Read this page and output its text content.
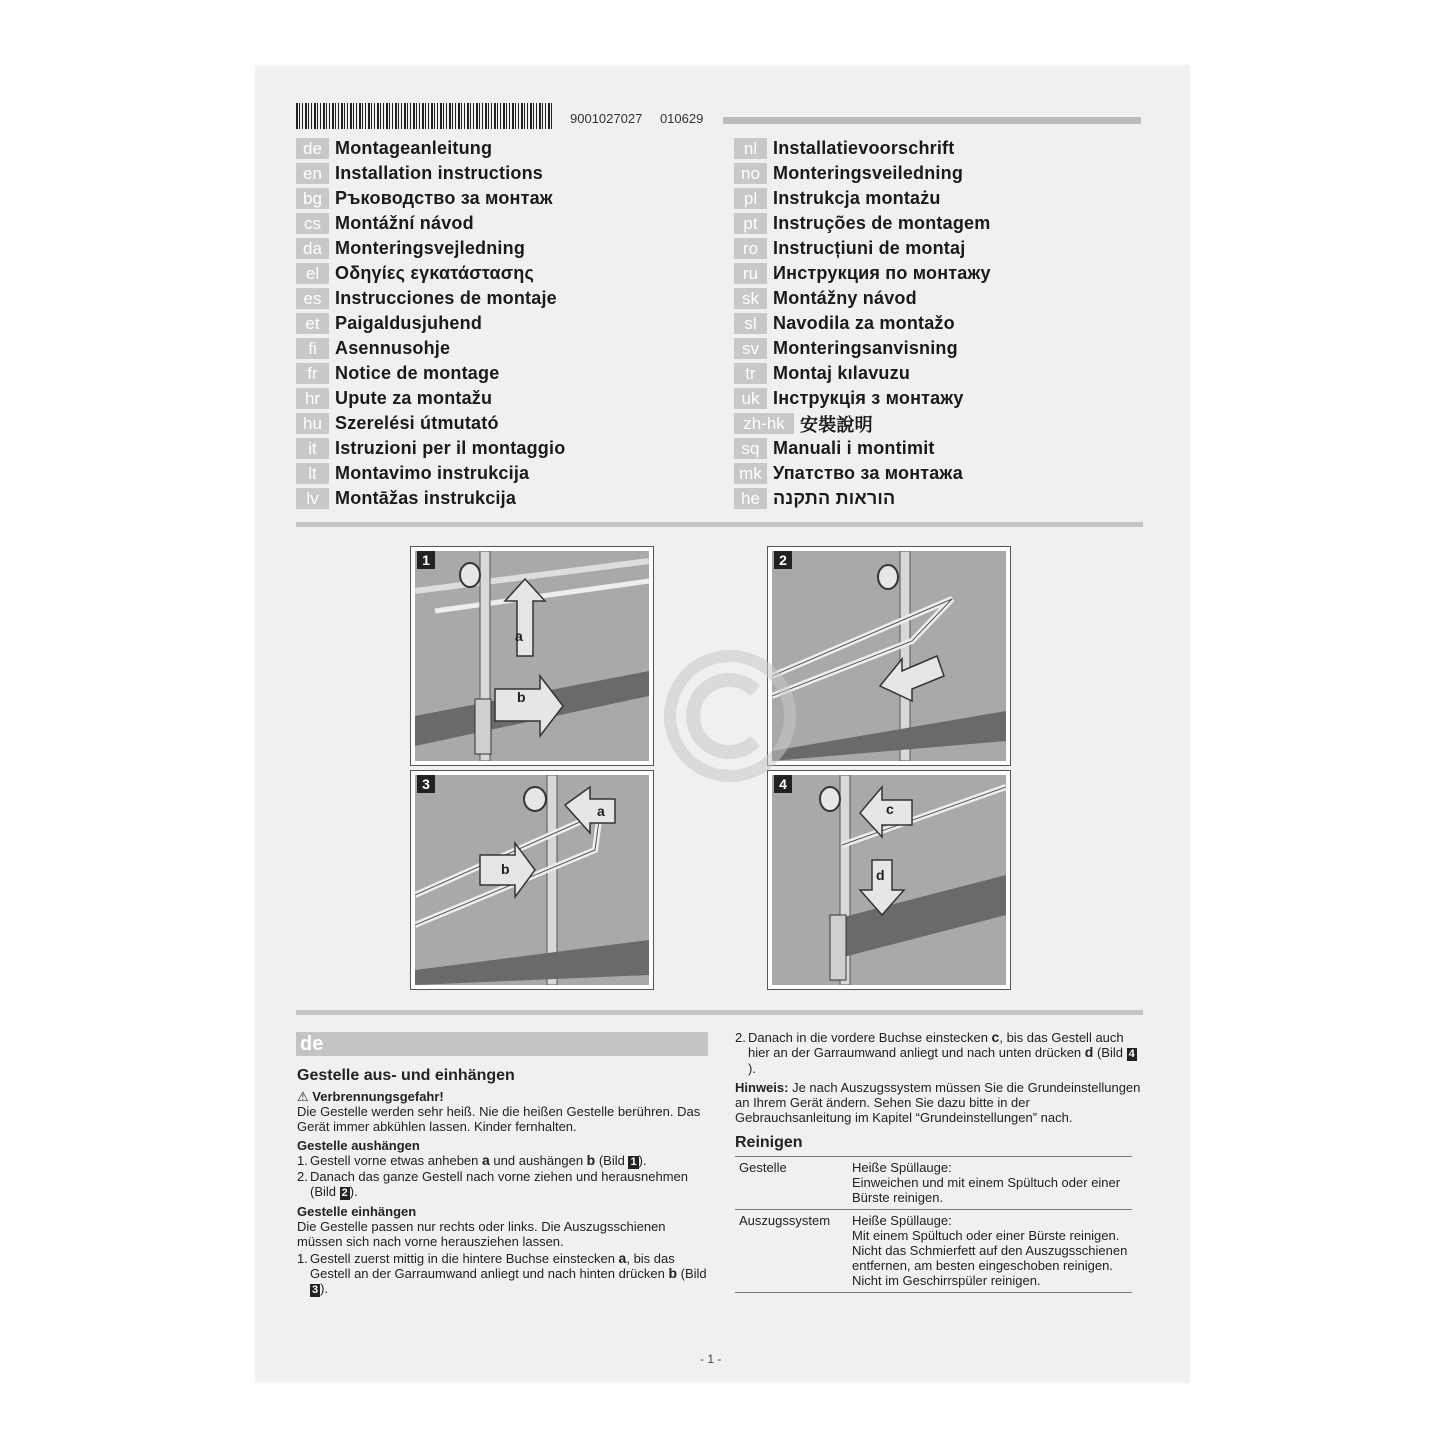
9001027027 010629
de Montageanleitung
en Installation instructions
bg Ръководство за монтаж
cs Montážní návod
da Monteringsvejledning
el Οδηγίες εγκατάστασης
es Instrucciones de montaje
et Paigaldusjuhend
fi	Asennusohje
fr Notice de montage
hr Upute za montažu
hu Szerelési útmutató
it	Istruzioni per il montaggio
lt	Montavimo instrukcija
lv Montāžas instrukcija
nl Installatievoorschrift
no Monteringsveiledning
pl Instrukcja montażu
pt Instruções de montagem
ro Instrucțiuni de montaj
ru Инструкция по монтажу
sk Montážny návod
sl Navodila za montažo
sv Monteringsanvisning
tr Montaj kılavuzu
uk Інструкція з монтажу
zh-hk 安裝說明
sq Manuali i montimit
mk Упатство за монтажа
he הוראות התקנה
1
a
b
2
3
a
b
4
c
d
de
Gestelle aus- und einhängen
⚠ Verbrennungsgefahr!

Die Gestelle werden sehr heiß. Nie die heißen Gestelle berühren. Das Gerät immer abkühlen lassen. Kinder fernhalten.

Gestelle aushängen
1. Gestell vorne etwas anheben a und aushängen b (Bild 1 ).
2. Danach das ganze Gestell nach vorne ziehen und herausnehmen (Bild 2 ).
Gestelle einhängen

Die Gestelle passen nur rechts oder links. Die Auszugsschienen müssen sich nach vorne herausziehen lassen.

1. Gestell zuerst mittig in die hintere Buchse einstecken a, bis das Gestell an der Garraumwand anliegt und nach hinten drücken b (Bild 3 ).
2. Danach in die vordere Buchse einstecken c, bis das Gestell auch hier an der Garraumwand anliegt und nach unten drücken d (Bild 4).

Hinweis: Je nach Auszugssystem müssen Sie die Grundeinstellungen an Ihrem Gerät ändern. Sehen Sie dazu bitte in der Gebrauchsanleitung im Kapitel “Grundeinstellungen” nach.

Reinigen
Gestelle	Heiße Spüllauge:

Einweichen und mit einem Spültuch oder einer Bürste reinigen.

Auszugssystem	Heiße Spüllauge:

Mit einem Spültuch oder einer Bürste reinigen.

Nicht das Schmierfett auf den Auszugsschienen entfernen, am besten eingeschoben reinigen. Nicht im Geschirrspüler reinigen.

- 1 -
